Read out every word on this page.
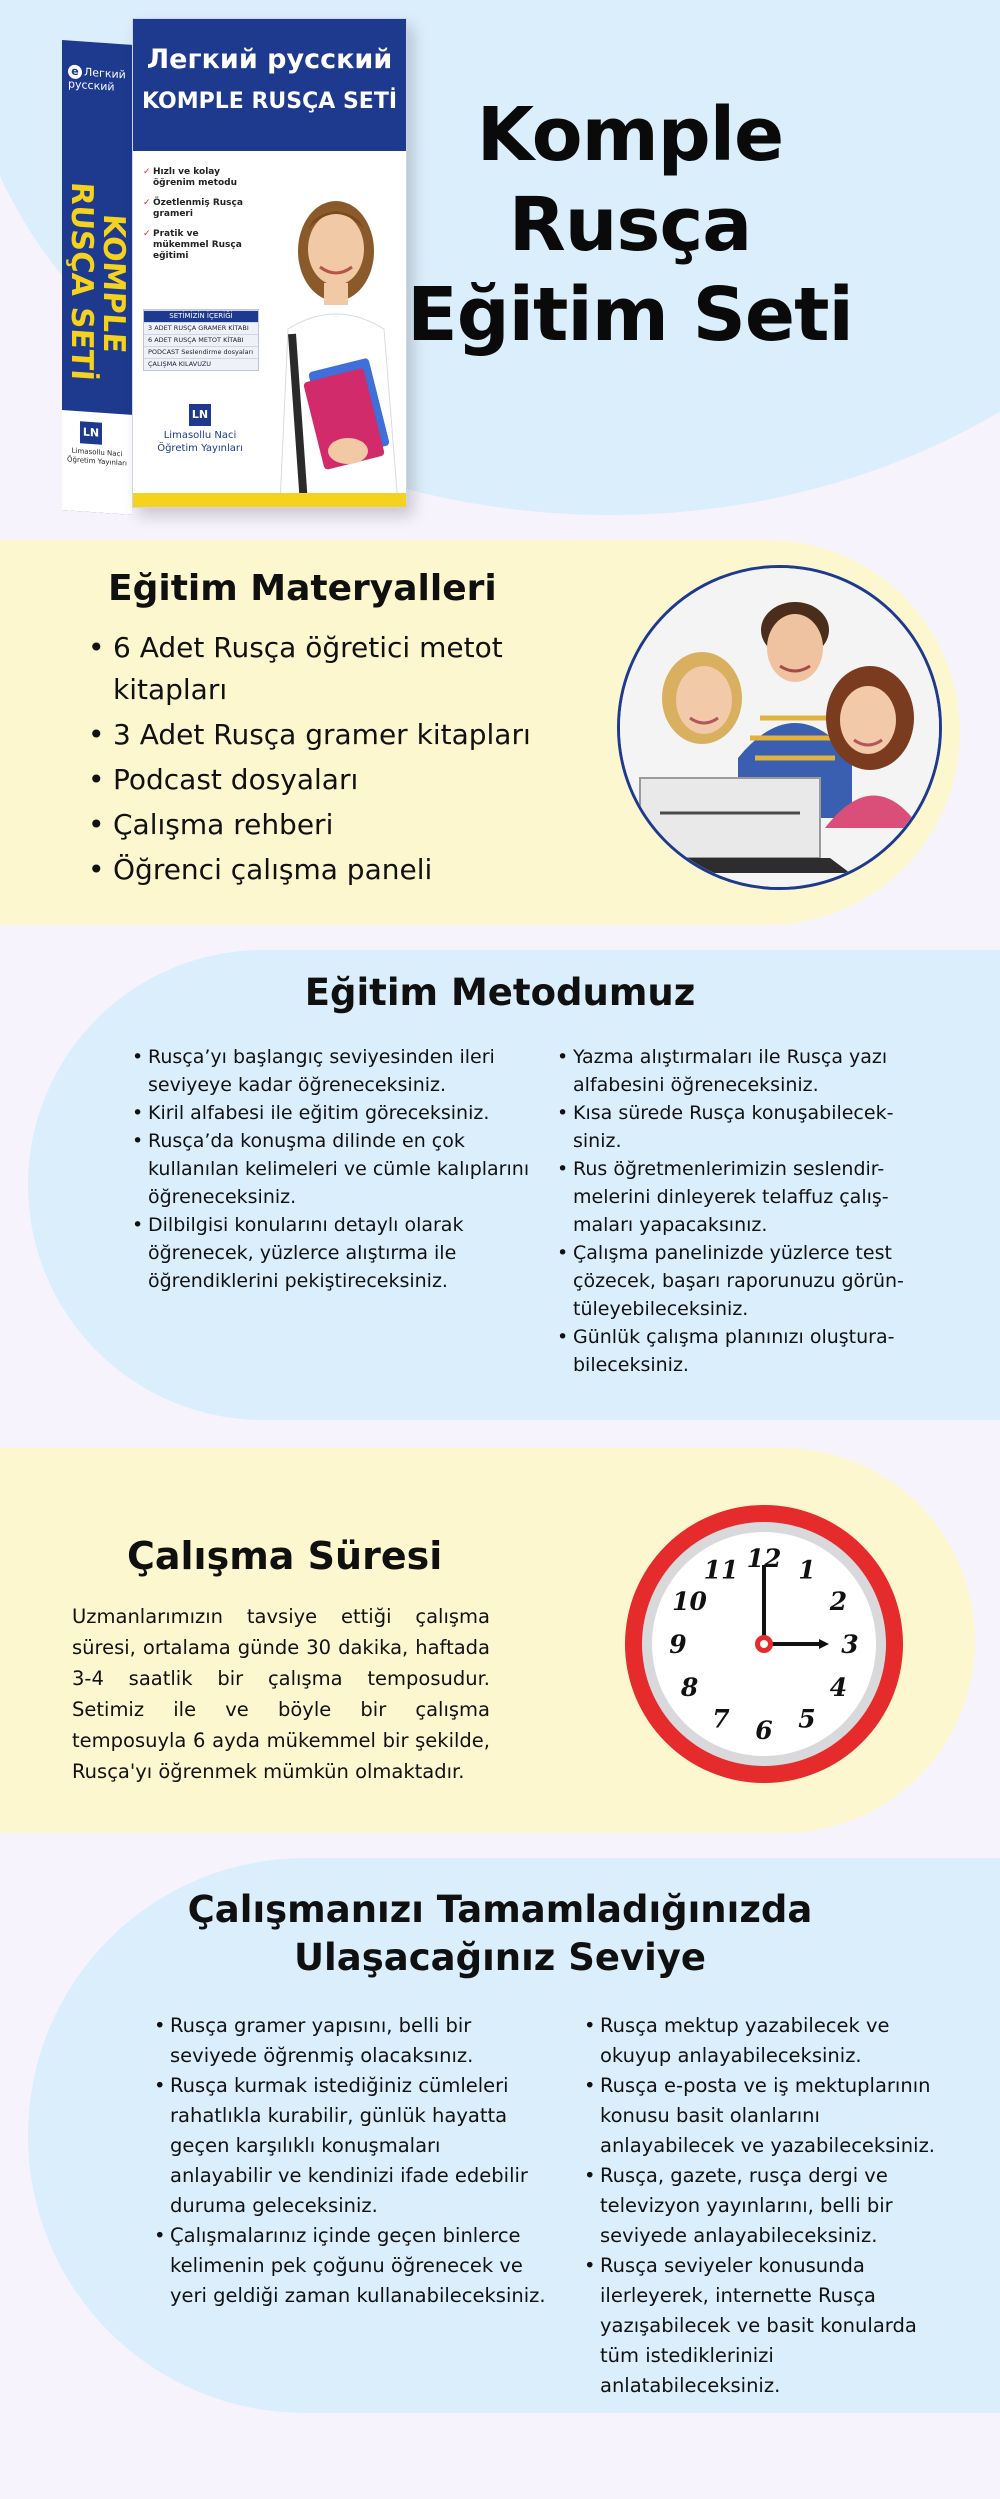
e Легкий
русский
KOMPLE
RUSÇA SETİ
LN
Limasollu Naci
Öğretim Yayınları
Легкий русский
KOMPLE RUSÇA SETİ
✓ Hızlı ve kolay öğrenim metodu
✓ Özetlenmiş Rusça grameri
✓ Pratik ve mükemmel Rusça eğitimi
SETİMİZİN İÇERİĞİ
3 ADET RUSÇA GRAMER KİTABI
6 ADET RUSÇA METOT KİTABI
PODCAST Seslendirme dosyaları
ÇALIŞMA KILAVUZU
LN
Limasollu Naci
Öğretim Yayınları
Komple
Rusça
Eğitim Seti
Eğitim Materyalleri
• 6 Adet Rusça öğretici metot kitapları
• 3 Adet Rusça gramer kitapları
• Podcast dosyaları
• Çalışma rehberi
• Öğrenci çalışma paneli
Eğitim Metodumuz
• Rusça’yı başlangıç seviyesinden ileri seviyeye kadar öğreneceksiniz.
• Kiril alfabesi ile eğitim göreceksiniz.
• Rusça’da konuşma dilinde en çok kullanılan kelimeleri ve cümle kalıplarını öğreneceksiniz.
• Dilbilgisi konularını detaylı olarak öğrenecek, yüzlerce alıştırma ile öğrendiklerini pekiştireceksiniz.
• Yazma alıştırmaları ile Rusça yazı alfabesini öğreneceksiniz.
• Kısa sürede Rusça konuşabilecek-siniz.
• Rus öğretmenlerimizin seslendir-melerini dinleyerek telaffuz çalış-maları yapacaksınız.
• Çalışma panelinizde yüzlerce test çözecek, başarı raporunuzu görün-tüleyebileceksiniz.
• Günlük çalışma planınızı oluştura-bileceksiniz.
Çalışma Süresi

Uzmanlarımızın tavsiye ettiği çalışma süresi, ortalama günde 30 dakika, haftada 3-4 saatlik bir çalışma temposudur. Setimiz ile ve böyle bir çalışma temposuyla 6 ayda mükemmel bir şekilde, Rusça'yı öğrenmek mümkün olmaktadır.

12 1
2
3
4
5
6
7
8
9
10
11
Çalışmanızı Tamamladığınızda
Ulaşacağınız Seviye
• Rusça gramer yapısını, belli bir seviyede öğrenmiş olacaksınız.
• Rusça kurmak istediğiniz cümleleri rahatlıkla kurabilir, günlük hayatta geçen karşılıklı konuşmaları anlayabilir ve kendinizi ifade edebilir duruma geleceksiniz.
• Çalışmalarınız içinde geçen binlerce kelimenin pek çoğunu öğrenecek ve yeri geldiği zaman kullanabileceksiniz.
• Rusça mektup yazabilecek ve okuyup anlayabileceksiniz.
• Rusça e-posta ve iş mektuplarının konusu basit olanlarını anlayabilecek ve yazabileceksiniz.
• Rusça, gazete, rusça dergi ve televizyon yayınlarını, belli bir seviyede anlayabileceksiniz.
• Rusça seviyeler konusunda ilerleyerek, internette Rusça yazışabilecek ve basit konularda tüm istediklerinizi anlatabileceksiniz.
